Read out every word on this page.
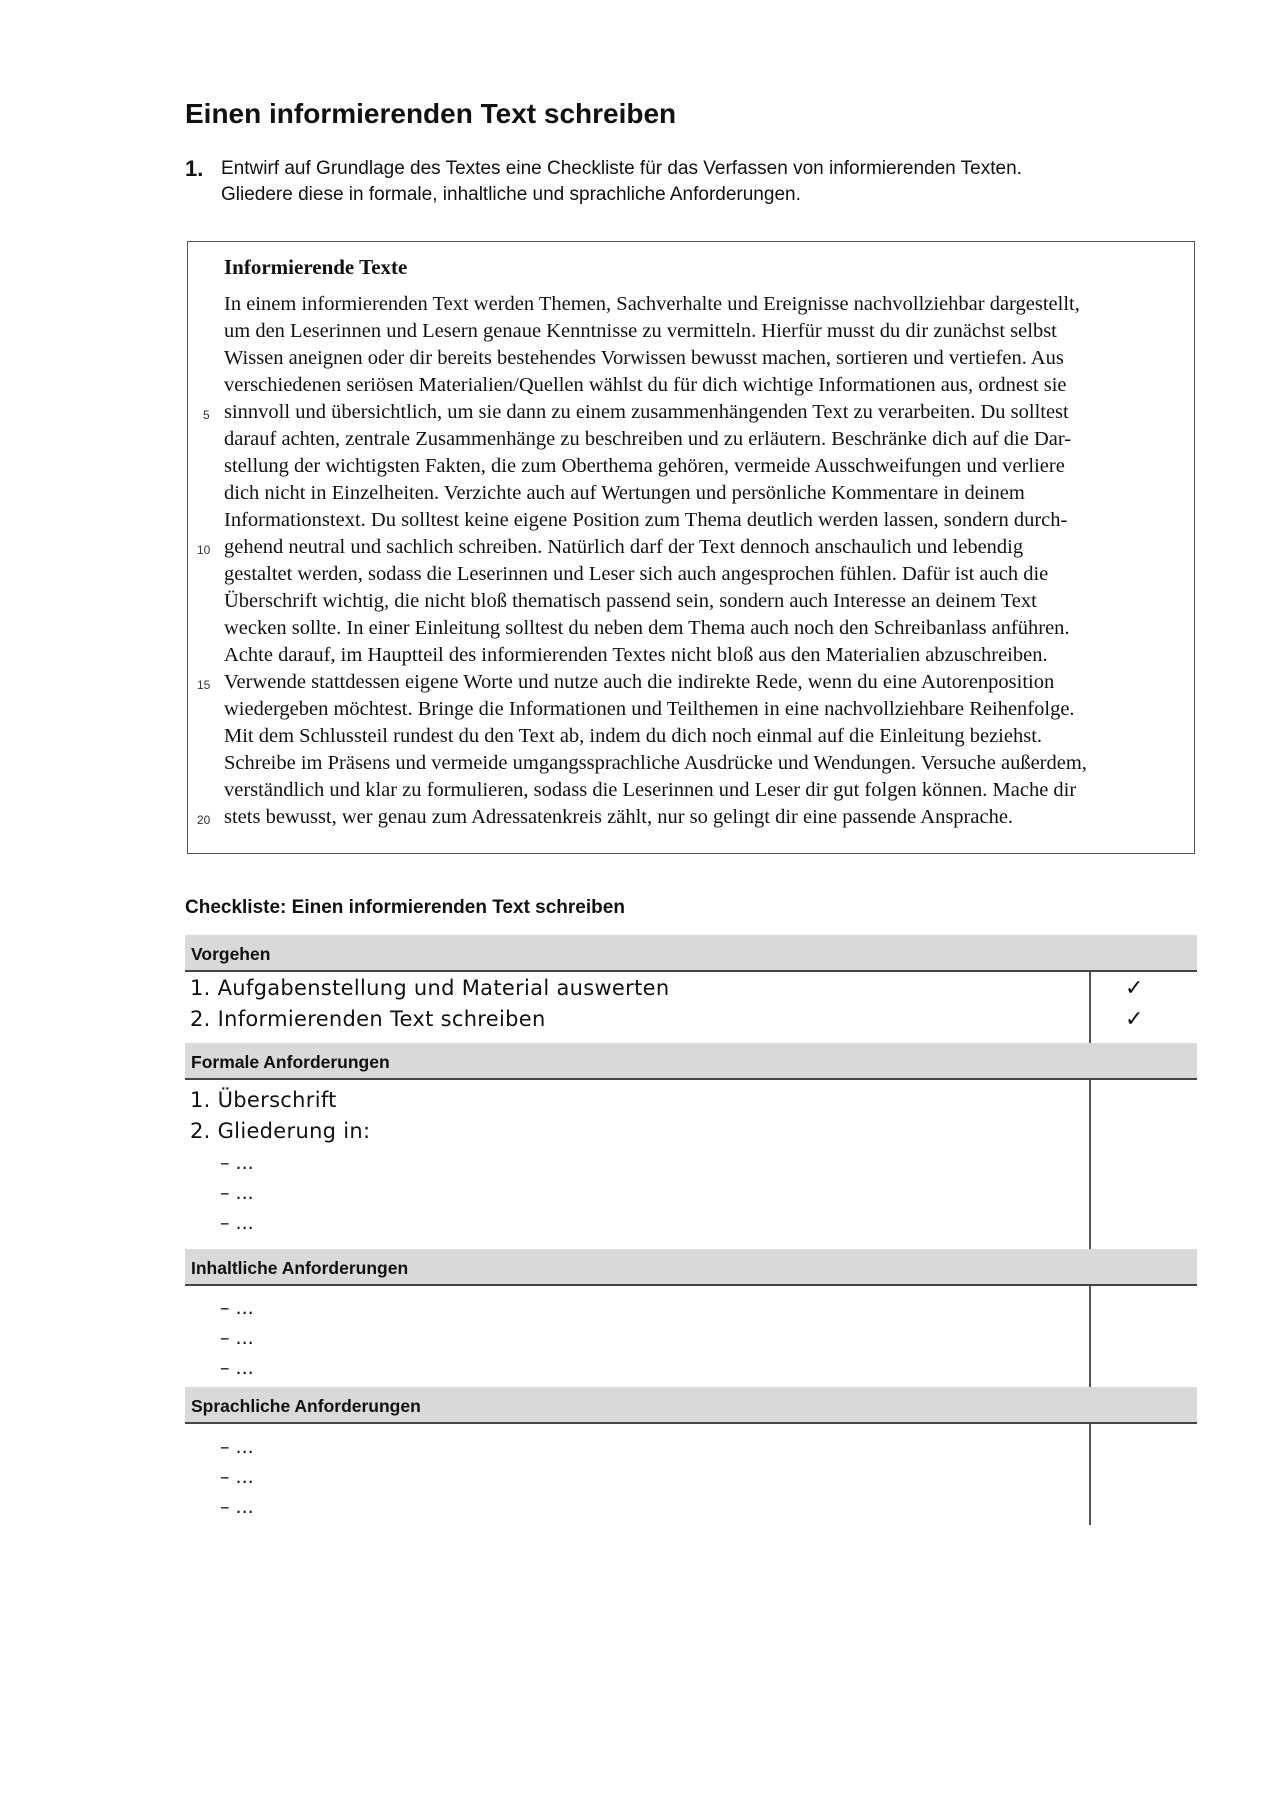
Einen informierenden Text schreiben
1. Entwirf auf Grundlage des Textes eine Checkliste für das Verfassen von informierenden Texten.
Gliedere diese in formale, inhaltliche und sprachliche Anforderungen.
Informierende Texte
In einem informierenden Text werden Themen, Sachverhalte und Ereignisse nachvollziehbar dargestellt,
um den Leserinnen und Lesern genaue Kenntnisse zu vermitteln. Hierfür musst du dir zunächst selbst
Wissen aneignen oder dir bereits bestehendes Vorwissen bewusst machen, sortieren und vertiefen. Aus
verschiedenen seriösen Materialien/Quellen wählst du für dich wichtige Informationen aus, ordnest sie
sinnvoll und übersichtlich, um sie dann zu einem zusammenhängenden Text zu verarbeiten. Du solltest
darauf achten, zentrale Zusammenhänge zu beschreiben und zu erläutern. Beschränke dich auf die Dar-
stellung der wichtigsten Fakten, die zum Oberthema gehören, vermeide Ausschweifungen und verliere
dich nicht in Einzelheiten. Verzichte auch auf Wertungen und persönliche Kommentare in deinem
Informationstext. Du solltest keine eigene Position zum Thema deutlich werden lassen, sondern durch-
gehend neutral und sachlich schreiben. Natürlich darf der Text dennoch anschaulich und lebendig
gestaltet werden, sodass die Leserinnen und Leser sich auch angesprochen fühlen. Dafür ist auch die
Überschrift wichtig, die nicht bloß thematisch passend sein, sondern auch Interesse an deinem Text
wecken sollte. In einer Einleitung solltest du neben dem Thema auch noch den Schreibanlass anführen.
Achte darauf, im Hauptteil des informierenden Textes nicht bloß aus den Materialien abzuschreiben.
Verwende stattdessen eigene Worte und nutze auch die indirekte Rede, wenn du eine Autorenposition
wiedergeben möchtest. Bringe die Informationen und Teilthemen in eine nachvollziehbare Reihenfolge.
Mit dem Schlussteil rundest du den Text ab, indem du dich noch einmal auf die Einleitung beziehst.
Schreibe im Präsens und vermeide umgangssprachliche Ausdrücke und Wendungen. Versuche außerdem,
verständlich und klar zu formulieren, sodass die Leserinnen und Leser dir gut folgen können. Mache dir
stets bewusst, wer genau zum Adressatenkreis zählt, nur so gelingt dir eine passende Ansprache.
5
10
15
20
Checkliste: Einen informierenden Text schreiben
Vorgehen
1. Aufgabenstellung und Material auswerten	✓
2. Informierenden Text schreiben	✓
Formale Anforderungen
1. Überschrift
2. Gliederung in:
– ...
– ...
– ...
Inhaltliche Anforderungen
– ...
– ...
– ...
Sprachliche Anforderungen
– ...
– ...
– ...
